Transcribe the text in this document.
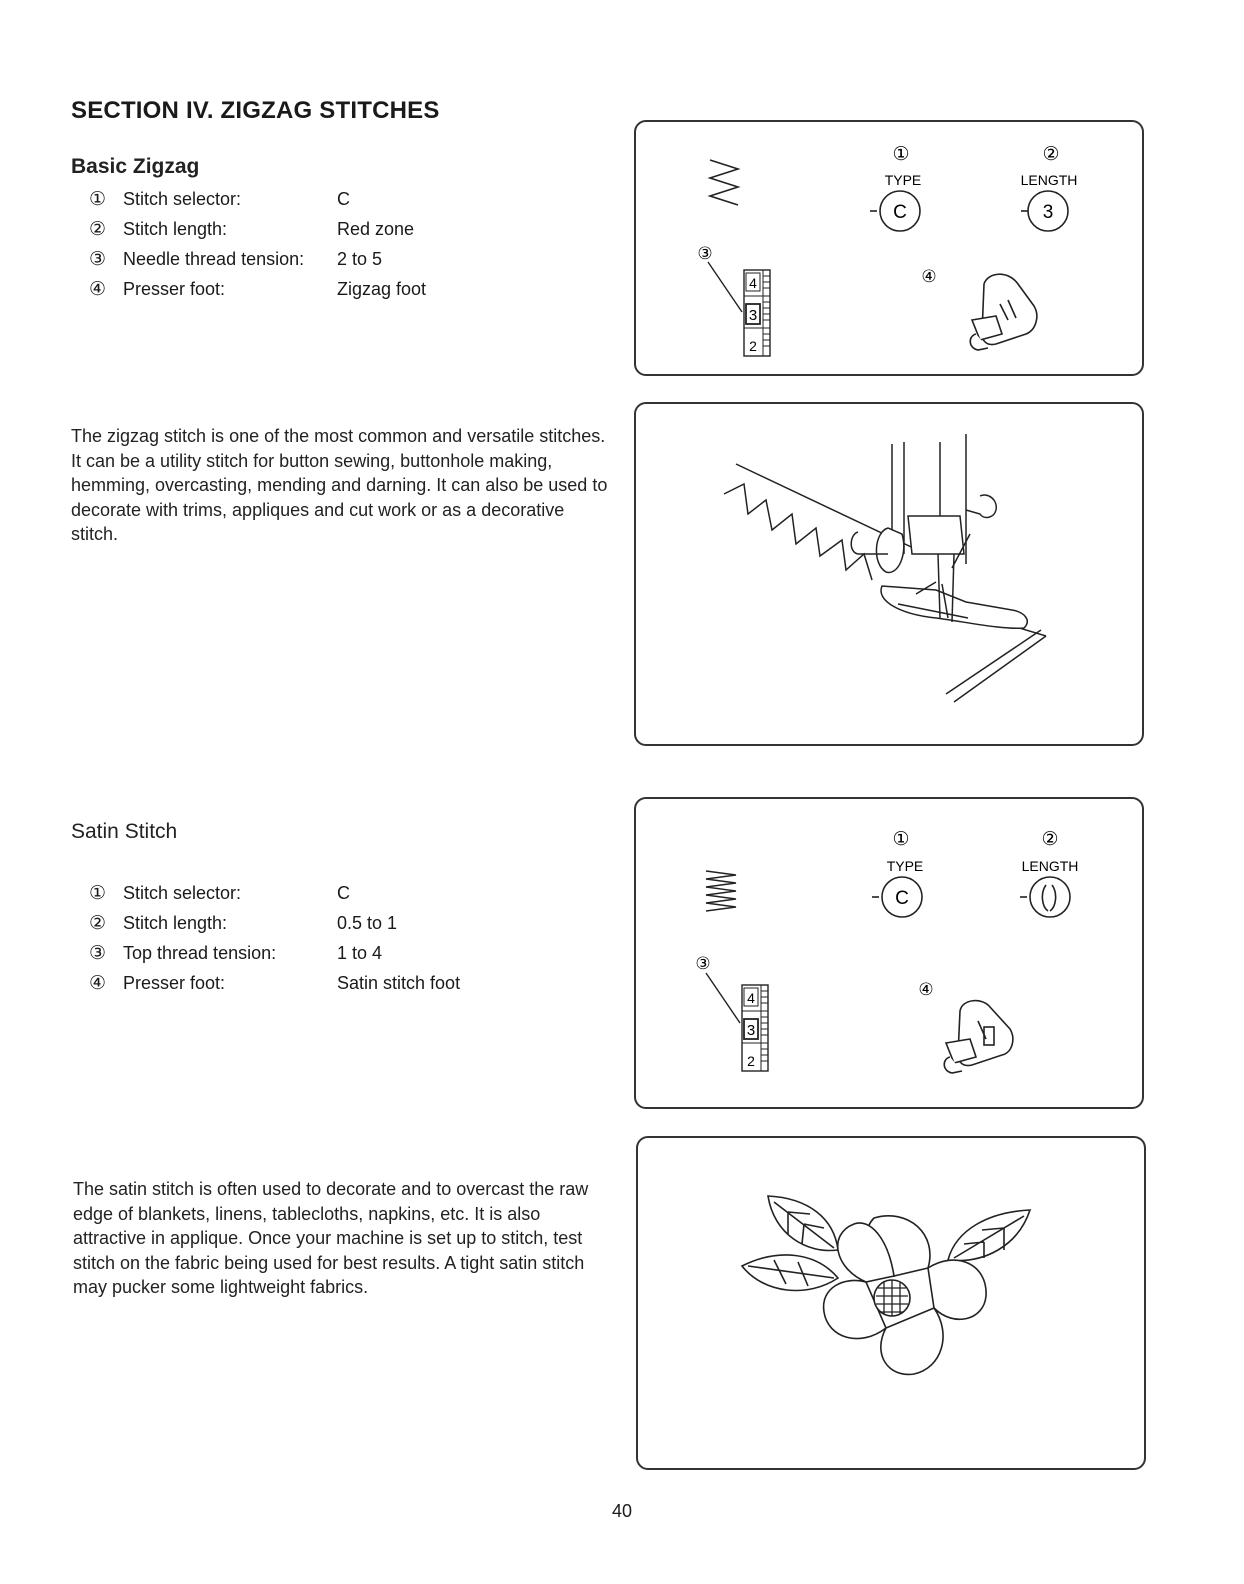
SECTION IV. ZIGZAG STITCHES
Basic Zigzag
①	Stitch selector:	C
②	Stitch length:	Red zone
③	Needle thread tension:	2 to 5
④	Presser foot:	Zigzag foot
The zigzag stitch is one of the most common and versatile stitches. It can be a utility stitch for button sewing, buttonhole making, hemming, overcasting, mending and darning. It can also be used to decorate with trims, appliques and cut work or as a decorative stitch.
①	②
TYPE	LENGTH
C	3
③
4
3
2
④
Satin Stitch
①	Stitch selector:	C
②	Stitch length:	0.5 to 1
③	Top thread tension:	1 to 4
④	Presser foot:	Satin stitch foot
The satin stitch is often used to decorate and to overcast the raw edge of blankets, linens, tablecloths, napkins, etc. It is also attractive in applique. Once your machine is set up to stitch, test stitch on the fabric being used for best results. A tight satin stitch may pucker some lightweight fabrics.
①	②
TYPE	LENGTH
C
③
4
3
2
④
40
